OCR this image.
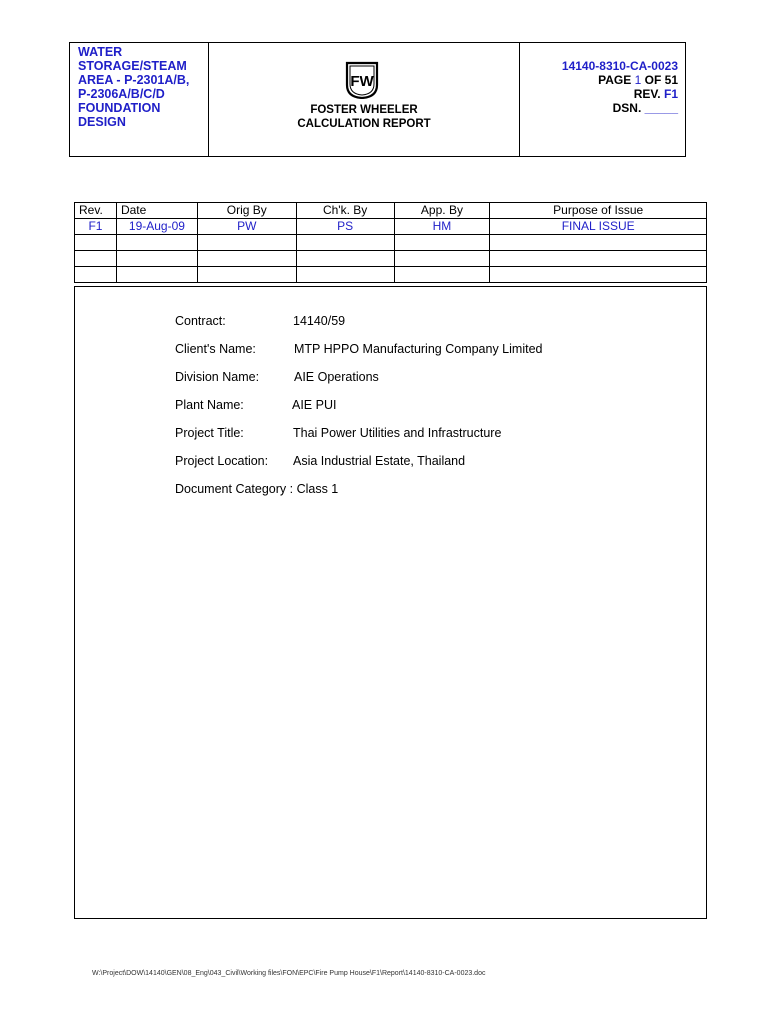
WATER
STORAGE/STEAM
AREA - P-2301A/B,
P-2306A/B/C/D
FOUNDATION
DESIGN
FW
FOSTER WHEELER
CALCULATION REPORT
14140-8310-CA-0023
PAGE 1 OF 51
REV. F1
DSN. _____
Rev.	Date	Orig By	Ch'k. By	App. By	Purpose of Issue
F1	19-Aug-09	PW	PS	HM	FINAL ISSUE

Contract:	14140/59
Client's Name:	MTP HPPO Manufacturing Company Limited
Division Name:	AIE Operations
Plant Name:	AIE PUI
Project Title:	Thai Power Utilities and Infrastructure
Project Location: Asia Industrial Estate, Thailand
Document Category : Class 1
W:\Project\DOW\14140\GEN\08_Eng\043_Civil\Working files\FON\EPC\Fire Pump House\F1\Report\14140-8310-CA-0023.doc
